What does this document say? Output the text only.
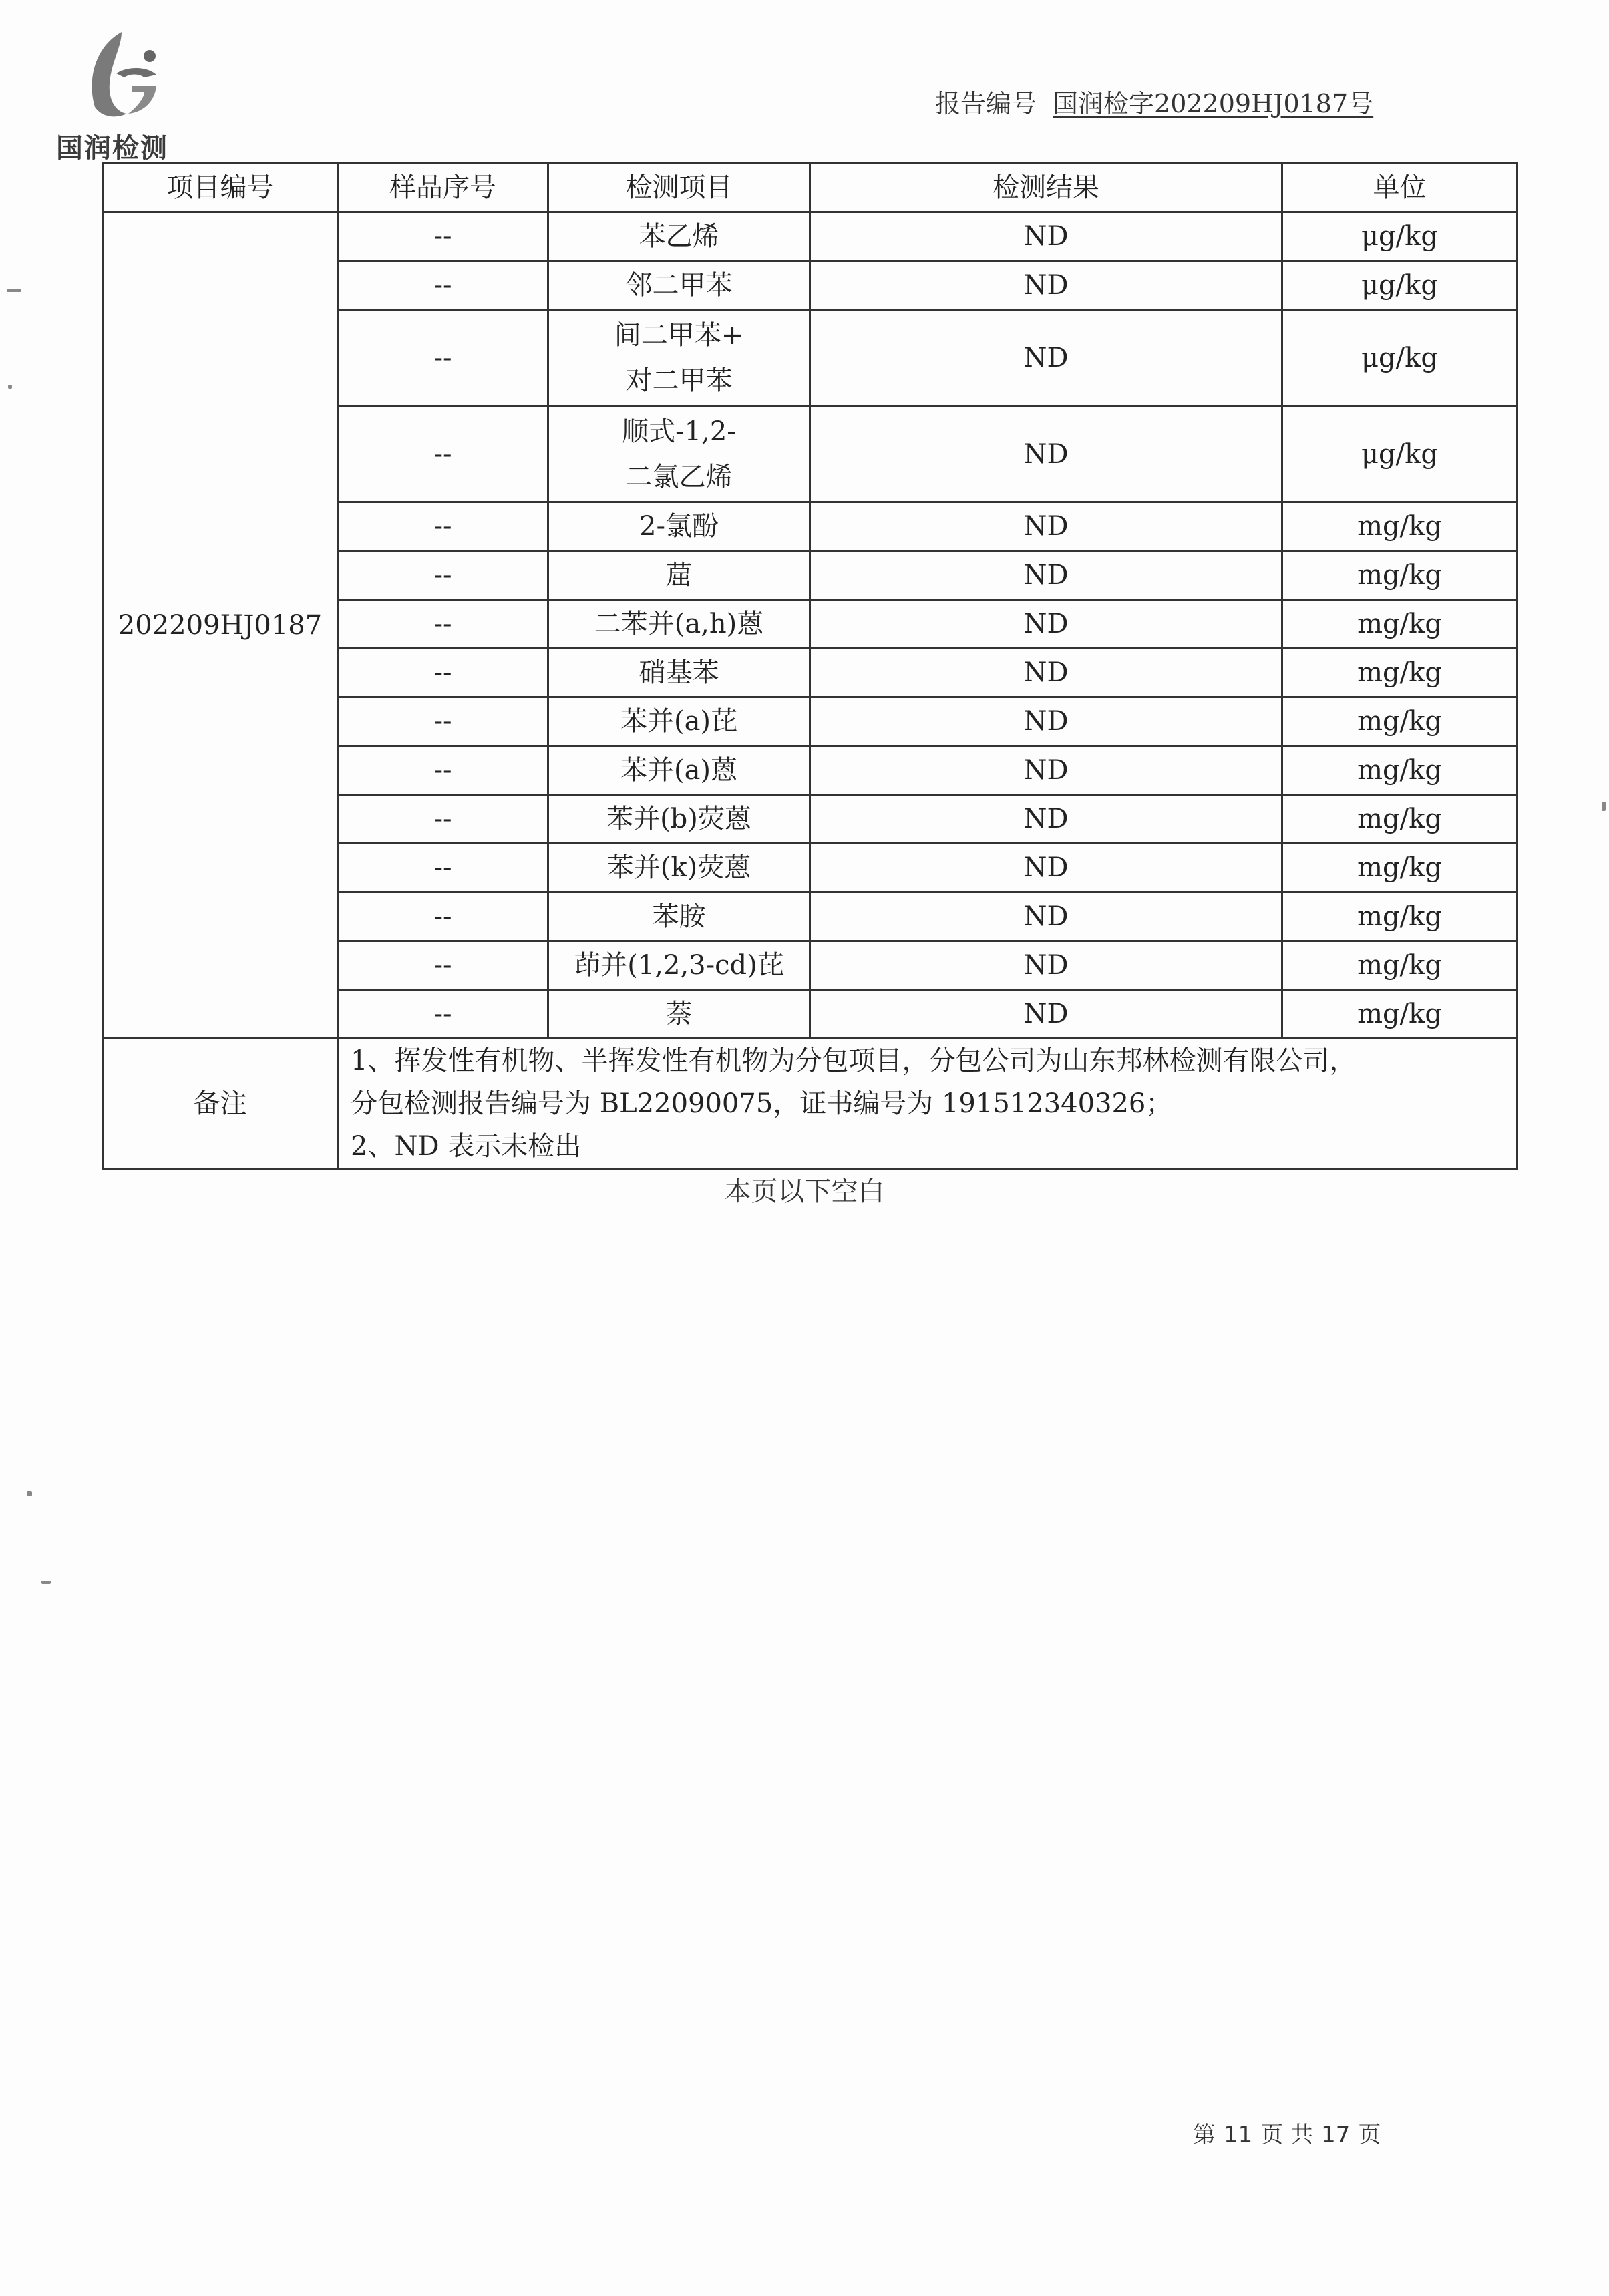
国润检测
报告编号 国润检字202209HJ0187号
项目编号	样品序号	检测项目	检测结果	单位
202209HJ0187	--	苯乙烯	ND	μg/kg
	--	邻二甲苯	ND	μg/kg
	--	间二甲苯+
对二甲苯	ND	μg/kg
	--	顺式-1,2-
二氯乙烯	ND	μg/kg
	--	2-氯酚	ND	mg/kg
	--	䓛	ND	mg/kg
	--	二苯并(a,h)蒽	ND	mg/kg
	--	硝基苯	ND	mg/kg
	--	苯并(a)芘	ND	mg/kg
	--	苯并(a)蒽	ND	mg/kg
	--	苯并(b)荧蒽	ND	mg/kg
	--	苯并(k)荧蒽	ND	mg/kg
	--	苯胺	ND	mg/kg
	--	茚并(1,2,3-cd)芘	ND	mg/kg
	--	萘	ND	mg/kg
备注	1、挥发性有机物、半挥发性有机物为分包项目，分包公司为山东邦林检测有限公司，
分包检测报告编号为 BL22090075，证书编号为 191512340326；
2、ND 表示未检出			
本页以下空白
第 11 页 共 17 页
